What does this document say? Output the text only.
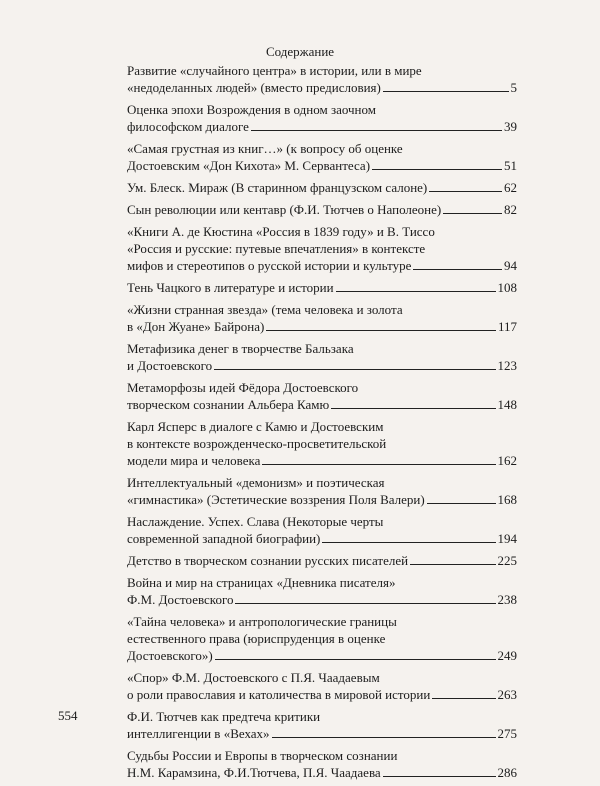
Содержание
Развитие «случайного центра» в истории, или в мире
«недоделанных людей» (вместо предисловия)	5
Оценка эпохи Возрождения в одном заочном
философском диалоге	39
«Самая грустная из книг…» (к вопросу об оценке
Достоевским «Дон Кихота» М. Сервантеса)	51
Ум. Блеск. Мираж (В старинном французском салоне)	62
Сын революции или кентавр (Ф.И. Тютчев о Наполеоне)	82
«Книги А. де Кюстина «Россия в 1839 году» и В. Тиссо
«Россия и русские: путевые впечатления» в контексте
мифов и стереотипов о русской истории и культуре	94
Тень Чацкого в литературе и истории	108
«Жизни странная звезда» (тема человека и золота
в «Дон Жуане» Байрона)	117
Метафизика денег в творчестве Бальзака
и Достоевского	123
Метаморфозы идей Фёдора Достоевского
творческом сознании Альбера Камю	148
Карл Ясперс в диалоге с Камю и Достоевским
в контексте возрожденческо-просветительской
модели мира и человека	162
Интеллектуальный «демонизм» и поэтическая
«гимнастика» (Эстетические воззрения Поля Валери)	168
Наслаждение. Успех. Слава (Некоторые черты
современной западной биографии)	194
Детство в творческом сознании русских писателей	225
Война и мир на страницах «Дневника писателя»
Ф.М. Достоевского	238
«Тайна человека» и антропологические границы
естественного права (юриспруденция в оценке
Достоевского»)	249
«Спор» Ф.М. Достоевского с П.Я. Чаадаевым
о роли православия и католичества в мировой истории	263
Ф.И. Тютчев как предтеча критики
интеллигенции в «Вехах»	275
Судьбы России и Европы в творческом сознании
Н.М. Карамзина, Ф.И.Тютчева, П.Я. Чаадаева	286
554
